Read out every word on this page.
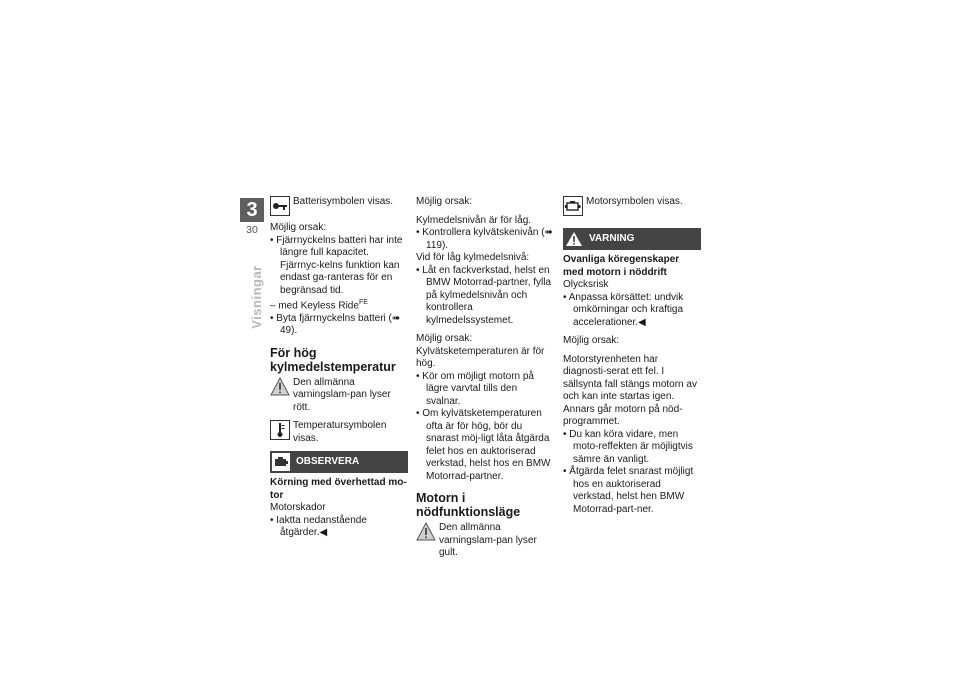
3
30
Visningar

Batterisymbolen visas.

Möjlig orsak:

• Fjärrnyckelns batteri har inte längre full kapacitet. Fjärrnyc-kelns funktion kan endast ga-ranteras för en begränsad tid.

– med Keyless Ride$^{FE}$

• Byta fjärrnyckelns batteri (➠ 49).

För hög kylmedelstemperatur

Den allmänna varningslam-pan lyser rött.

Temperatursymbolen visas.

OBSERVERA

Körning med överhettad mo-tor

Motorskador

• Iaktta nedanstående åtgärder.◀

Möjlig orsak:

Kylmedelsnivån är för låg.

• Kontrollera kylvätskenivån (➠ 119).

Vid för låg kylmedelsnivå:

• Låt en fackverkstad, helst en BMW Motorrad-partner, fylla på kylmedelsnivån och kontrollera kylmedelssystemet.

Möjlig orsak:

Kylvätsketemperaturen är för hög.

• Kör om möjligt motorn på lägre varvtal tills den svalnar.

• Om kylvätsketemperaturen ofta är för hög, bör du snarast möj-ligt låta åtgärda felet hos en auktoriserad verkstad, helst hos en BMW Motorrad-partner.

Motorn i nödfunktionsläge

Den allmänna varningslam-pan lyser gult.

Motorsymbolen visas.

VARNING

Ovanliga köregenskaper med motorn i nöddrift

Olycksrisk

• Anpassa körsättet: undvik omkörningar och kraftiga accelerationer.◀

Möjlig orsak:

Motorstyrenheten har diagnosti-serat ett fel. I sällsynta fall stängs motorn av och kan inte startas igen. Annars går motorn på nöd-programmet.

• Du kan köra vidare, men moto-reffekten är möjligtvis sämre än vanligt.

• Åtgärda felet snarast möjligt hos en auktoriserad verkstad, helst hen BMW Motorrad-part-ner.
